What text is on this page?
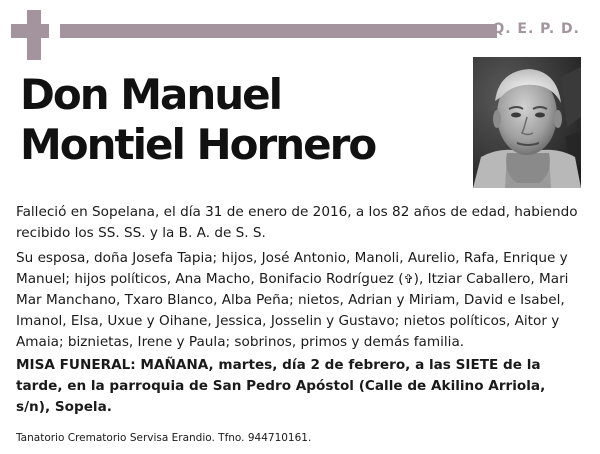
Q. E. P. D.
Don Manuel
Montiel Hornero

Falleció en Sopelana, el día 31 de enero de 2016, a los 82 años de edad, habiendo recibido los SS. SS. y la B. A. de S. S.

Su esposa, doña Josefa Tapia; hijos, José Antonio, Manoli, Aurelio, Rafa, Enrique y Manuel; hijos políticos, Ana Macho, Bonifacio Rodríguez (✞), Itziar Caballero, Mari Mar Manchano, Txaro Blanco, Alba Peña; nietos, Adrian y Miriam, David e Isabel, Imanol, Elsa, Uxue y Oihane, Jessica, Josselin y Gustavo; nietos políticos, Aitor y Amaia; biznietas, Irene y Paula; sobrinos, primos y demás familia.

MISA FUNERAL: MAÑANA, martes, día 2 de febrero, a las SIETE de la tarde, en la parroquia de San Pedro Apóstol (Calle de Akilino Arriola, s/n), Sopela.

Tanatorio Crematorio Servisa Erandio. Tfno. 944710161.
